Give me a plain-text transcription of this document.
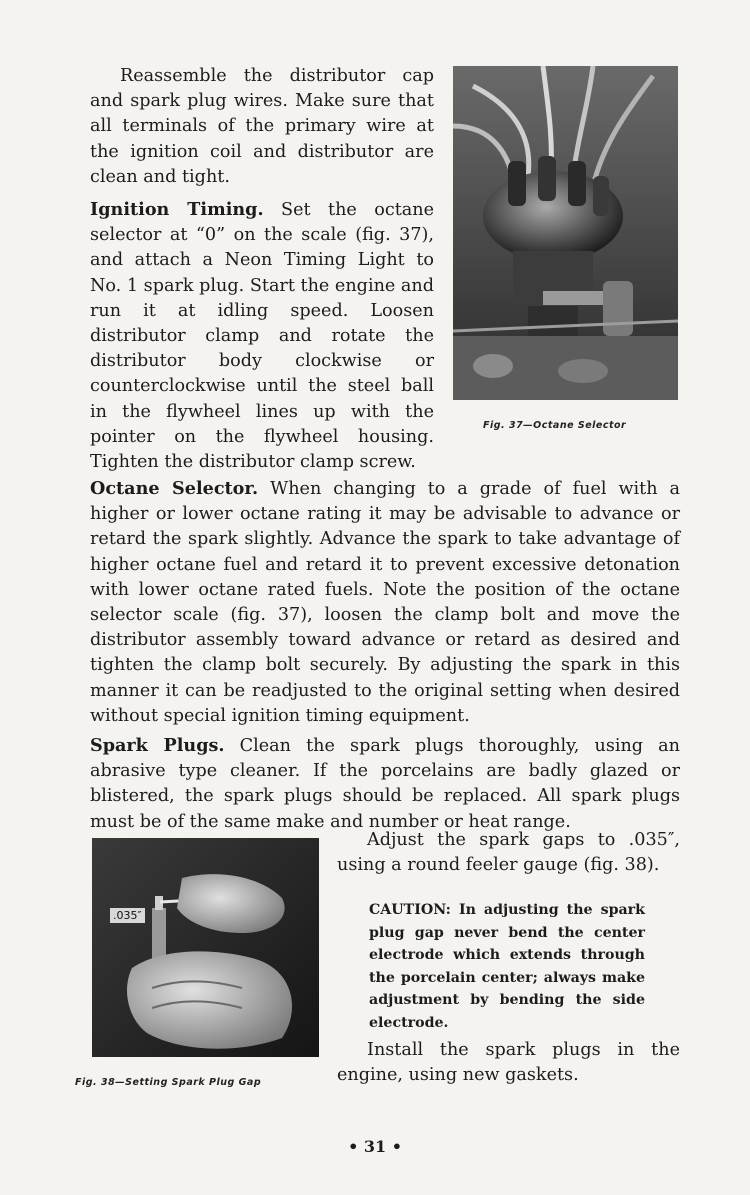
Reassemble the distributor cap and spark plug wires. Make sure that all terminals of the primary wire at the ignition coil and distributor are clean and tight.

Ignition Timing. Set the octane selector at “0” on the scale (fig. 37), and attach a Neon Timing Light to No. 1 spark plug. Start the engine and run it at idling speed. Loosen distributor clamp and rotate the distributor body clockwise or counterclockwise until the steel ball in the flywheel lines up with the pointer on the flywheel housing. Tighten the distributor clamp screw.

Fig. 37—Octane Selector

Octane Selector. When changing to a grade of fuel with a higher or lower octane rating it may be advisable to advance or retard the spark slightly. Advance the spark to take advantage of higher octane fuel and retard it to prevent excessive detonation with lower octane rated fuels. Note the position of the octane selector scale (fig. 37), loosen the clamp bolt and move the distributor assembly toward advance or retard as desired and tighten the clamp bolt securely. By adjusting the spark in this manner it can be readjusted to the original setting when desired without special ignition timing equipment.

Spark Plugs. Clean the spark plugs thoroughly, using an abrasive type cleaner. If the porcelains are badly glazed or blistered, the spark plugs should be replaced. All spark plugs must be of the same make and number or heat range.

.035″
Fig. 38—Setting Spark Plug Gap

Adjust the spark gaps to .035″, using a round feeler gauge (fig. 38).

CAUTION: In adjusting the spark plug gap never bend the center electrode which extends through the porcelain center; always make adjustment by bending the side electrode.

Install the spark plugs in the engine, using new gaskets.

• 31 •
